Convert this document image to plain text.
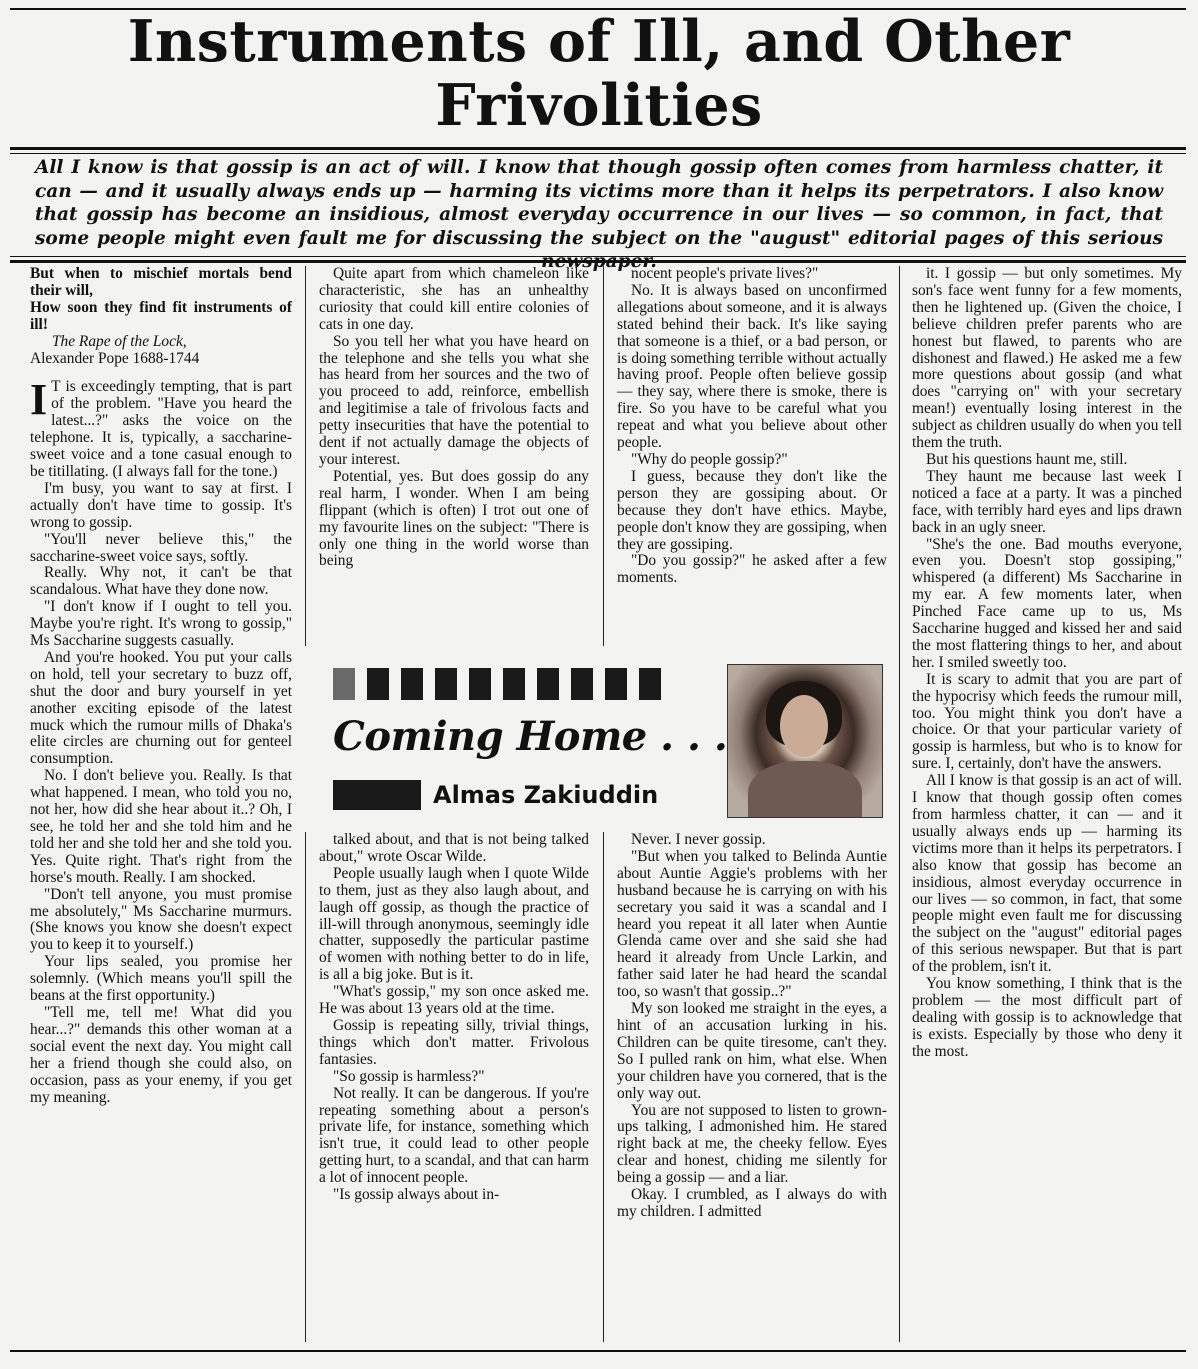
Instruments of Ill, and Other Frivolities

All I know is that gossip is an act of will. I know that though gossip often comes from harmless chatter, it can — and it usually always ends up — harming its victims more than it helps its perpetrators. I also know that gossip has become an insidious, almost everyday occurrence in our lives — so common, in fact, that some people might even fault me for discussing the subject on the "august" editorial pages of this serious newspaper.

But when to mischief mortals bend their will,

How soon they find fit instruments of ill!

The Rape of the Lock,

Alexander Pope 1688-1744

I T is exceedingly tempting, that is part of the problem. "Have you heard the latest...?" asks the voice on the telephone. It is, typically, a saccharine-sweet voice and a tone casual enough to be titillating. (I always fall for the tone.)

I'm busy, you want to say at first. I actually don't have time to gossip. It's wrong to gossip.

"You'll never believe this," the saccharine-sweet voice says, softly.

Really. Why not, it can't be that scandalous. What have they done now.

"I don't know if I ought to tell you. Maybe you're right. It's wrong to gossip," Ms Saccharine suggests casually.

And you're hooked. You put your calls on hold, tell your secretary to buzz off, shut the door and bury yourself in yet another exciting episode of the latest muck which the rumour mills of Dhaka's elite circles are churning out for genteel consumption.

No. I don't believe you. Really. Is that what happened. I mean, who told you no, not her, how did she hear about it..? Oh, I see, he told her and she told him and he told her and she told her and she told you. Yes. Quite right. That's right from the horse's mouth. Really. I am shocked.

"Don't tell anyone, you must promise me absolutely," Ms Saccharine murmurs. (She knows you know she doesn't expect you to keep it to yourself.)

Your lips sealed, you promise her solemnly. (Which means you'll spill the beans at the first opportunity.)

"Tell me, tell me! What did you hear...?" demands this other woman at a social event the next day. You might call her a friend though she could also, on occasion, pass as your enemy, if you get my meaning.

Quite apart from which chameleon like characteristic, she has an unhealthy curiosity that could kill entire colonies of cats in one day.

So you tell her what you have heard on the telephone and she tells you what she has heard from her sources and the two of you proceed to add, reinforce, embellish and legitimise a tale of frivolous facts and petty insecurities that have the potential to dent if not actually damage the objects of your interest.

Potential, yes. But does gossip do any real harm, I wonder. When I am being flippant (which is often) I trot out one of my favourite lines on the subject: "There is only one thing in the world worse than being

nocent people's private lives?"

No. It is always based on unconfirmed allegations about someone, and it is always stated behind their back. It's like saying that someone is a thief, or a bad person, or is doing something terrible without actually having proof. People often believe gossip — they say, where there is smoke, there is fire. So you have to be careful what you repeat and what you believe about other people.

"Why do people gossip?"

I guess, because they don't like the person they are gossiping about. Or because they don't have ethics. Maybe, people don't know they are gossiping, when they are gossiping.

"Do you gossip?" he asked after a few moments.

it. I gossip — but only sometimes. My son's face went funny for a few moments, then he lightened up. (Given the choice, I believe children prefer parents who are honest but flawed, to parents who are dishonest and flawed.) He asked me a few more questions about gossip (and what does "carrying on" with your secretary mean!) eventually losing interest in the subject as children usually do when you tell them the truth.

But his questions haunt me, still.

They haunt me because last week I noticed a face at a party. It was a pinched face, with terribly hard eyes and lips drawn back in an ugly sneer.

"She's the one. Bad mouths everyone, even you. Doesn't stop gossiping," whispered (a different) Ms Saccharine in my ear. A few moments later, when Pinched Face came up to us, Ms Saccharine hugged and kissed her and said the most flattering things to her, and about her. I smiled sweetly too.

It is scary to admit that you are part of the hypocrisy which feeds the rumour mill, too. You might think you don't have a choice. Or that your particular variety of gossip is harmless, but who is to know for sure. I, certainly, don't have the answers.

All I know is that gossip is an act of will. I know that though gossip often comes from harmless chatter, it can — and it usually always ends up — harming its victims more than it helps its perpetrators. I also know that gossip has become an insidious, almost everyday occurrence in our lives — so common, in fact, that some people might even fault me for discussing the subject on the "august" editorial pages of this serious newspaper. But that is part of the problem, isn't it.

You know something, I think that is the problem — the most difficult part of dealing with gossip is to acknowledge that is exists. Especially by those who deny it the most.

talked about, and that is not being talked about," wrote Oscar Wilde.

People usually laugh when I quote Wilde to them, just as they also laugh about, and laugh off gossip, as though the practice of ill-will through anonymous, seemingly idle chatter, supposedly the particular pastime of women with nothing better to do in life, is all a big joke. But is it.

"What's gossip," my son once asked me. He was about 13 years old at the time.

Gossip is repeating silly, trivial things, things which don't matter. Frivolous fantasies.

"So gossip is harmless?"

Not really. It can be dangerous. If you're repeating something about a person's private life, for instance, something which isn't true, it could lead to other people getting hurt, to a scandal, and that can harm a lot of innocent people.

"Is gossip always about in-

Never. I never gossip.

"But when you talked to Belinda Auntie about Auntie Aggie's problems with her husband because he is carrying on with his secretary you said it was a scandal and I heard you repeat it all later when Auntie Glenda came over and she said she had heard it already from Uncle Larkin, and father said later he had heard the scandal too, so wasn't that gossip..?"

My son looked me straight in the eyes, a hint of an accusation lurking in his. Children can be quite tiresome, can't they. So I pulled rank on him, what else. When your children have you cornered, that is the only way out.

You are not supposed to listen to grown-ups talking, I admonished him. He stared right back at me, the cheeky fellow. Eyes clear and honest, chiding me silently for being a gossip — and a liar.

Okay. I crumbled, as I always do with my children. I admitted

Coming Home . . .

Almas Zakiuddin
